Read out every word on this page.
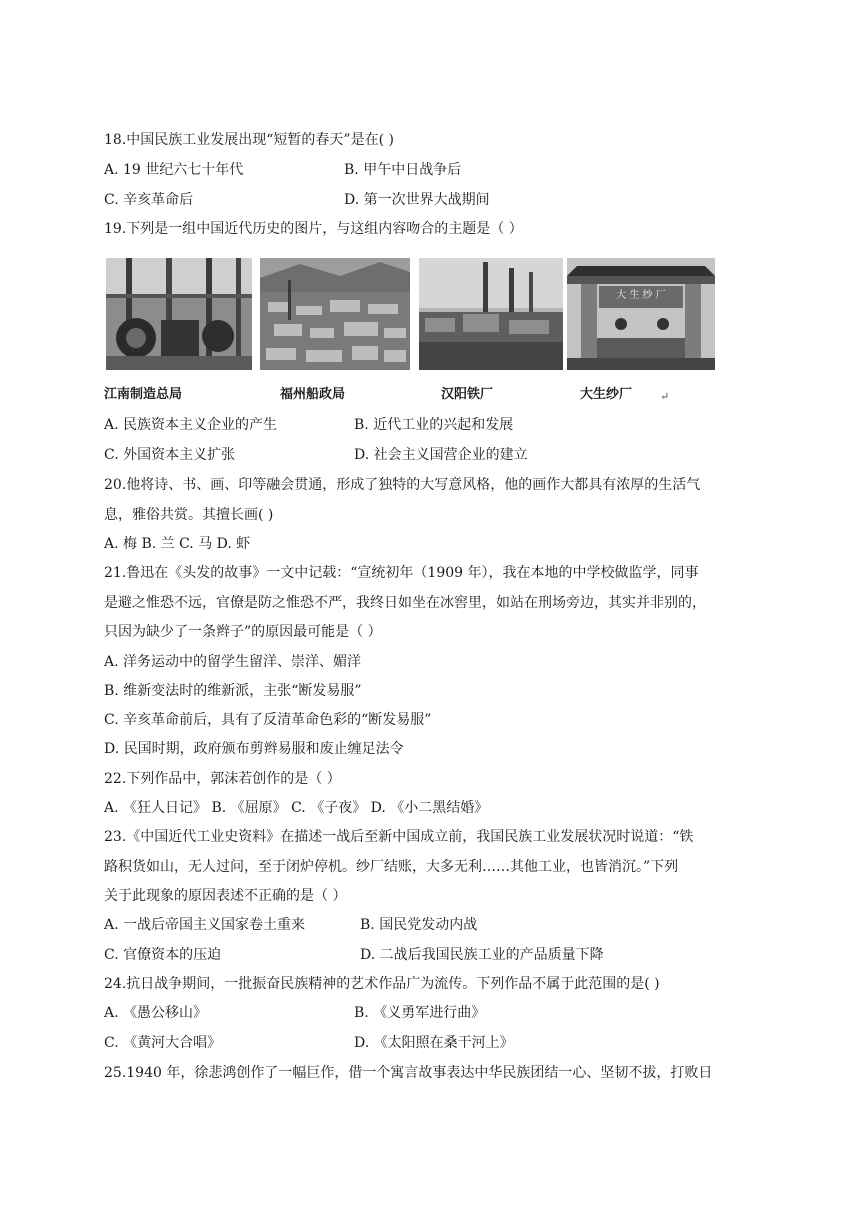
18.中国民族工业发展出现“短暂的春天”是在( )
A. 19 世纪六七十年代	B. 甲午中日战争后
C. 辛亥革命后	D. 第一次世界大战期间
19.下列是一组中国近代历史的图片，与这组内容吻合的主题是（ ）
大 生 纱 厂
江南制造总局	福州船政局	汉阳铁厂	大生纱厂	↵
A. 民族资本主义企业的产生	B. 近代工业的兴起和发展
C. 外国资本主义扩张	D. 社会主义国营企业的建立
20.他将诗、书、画、印等融会贯通，形成了独特的大写意风格，他的画作大都具有浓厚的生活气
息，雅俗共赏。其擅长画( )
A. 梅 B. 兰 C. 马 D. 虾
21.鲁迅在《头发的故事》一文中记载：“宣统初年（1909 年），我在本地的中学校做监学，同事
是避之惟恐不远，官僚是防之惟恐不严，我终日如坐在冰窖里，如站在刑场旁边，其实并非别的，
只因为缺少了一条辫子”的原因最可能是（ ）
A. 洋务运动中的留学生留洋、崇洋、媚洋
B. 维新变法时的维新派，主张“断发易服”
C. 辛亥革命前后，具有了反清革命色彩的“断发易服”
D. 民国时期，政府颁布剪辫易服和废止缠足法令
22.下列作品中，郭沫若创作的是（ ）
A. 《狂人日记》 B. 《屈原》 C. 《子夜》 D. 《小二黑结婚》
23.《中国近代工业史资料》在描述一战后至新中国成立前，我国民族工业发展状况时说道：“铁
路积货如山，无人过问，至于闭炉停机。纱厂结账，大多无利……其他工业，也皆消沉。”下列
关于此现象的原因表述不正确的是（ ）
A. 一战后帝国主义国家卷土重来	B. 国民党发动内战
C. 官僚资本的压迫	D. 二战后我国民族工业的产品质量下降
24.抗日战争期间，一批振奋民族精神的艺术作品广为流传。下列作品不属于此范围的是( )
A. 《愚公移山》	B. 《义勇军进行曲》
C. 《黄河大合唱》	D. 《太阳照在桑干河上》
25.1940 年，徐悲鸿创作了一幅巨作，借一个寓言故事表达中华民族团结一心、坚韧不拔，打败日
